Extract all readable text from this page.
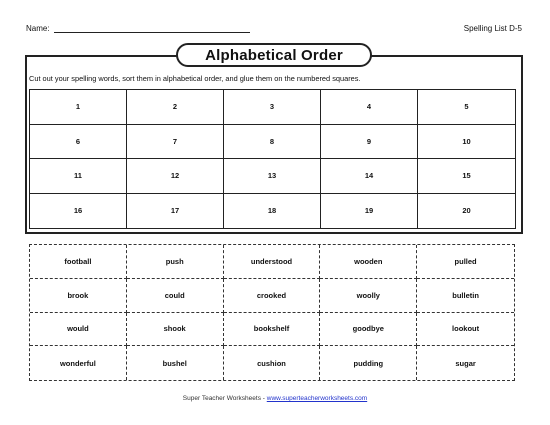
Name:	Spelling List D-5
Alphabetical Order
Cut out your spelling words, sort them in alphabetical order, and glue them on the numbered squares.
1	2	3	4	5
6	7	8	9	10
11	12	13	14	15
16	17	18	19	20
football	push	understood	wooden	pulled
brook	could	crooked	woolly	bulletin
would	shook	bookshelf	goodbye	lookout
wonderful	bushel	cushion	pudding	sugar
Super Teacher Worksheets - www.superteacherworksheets.com
